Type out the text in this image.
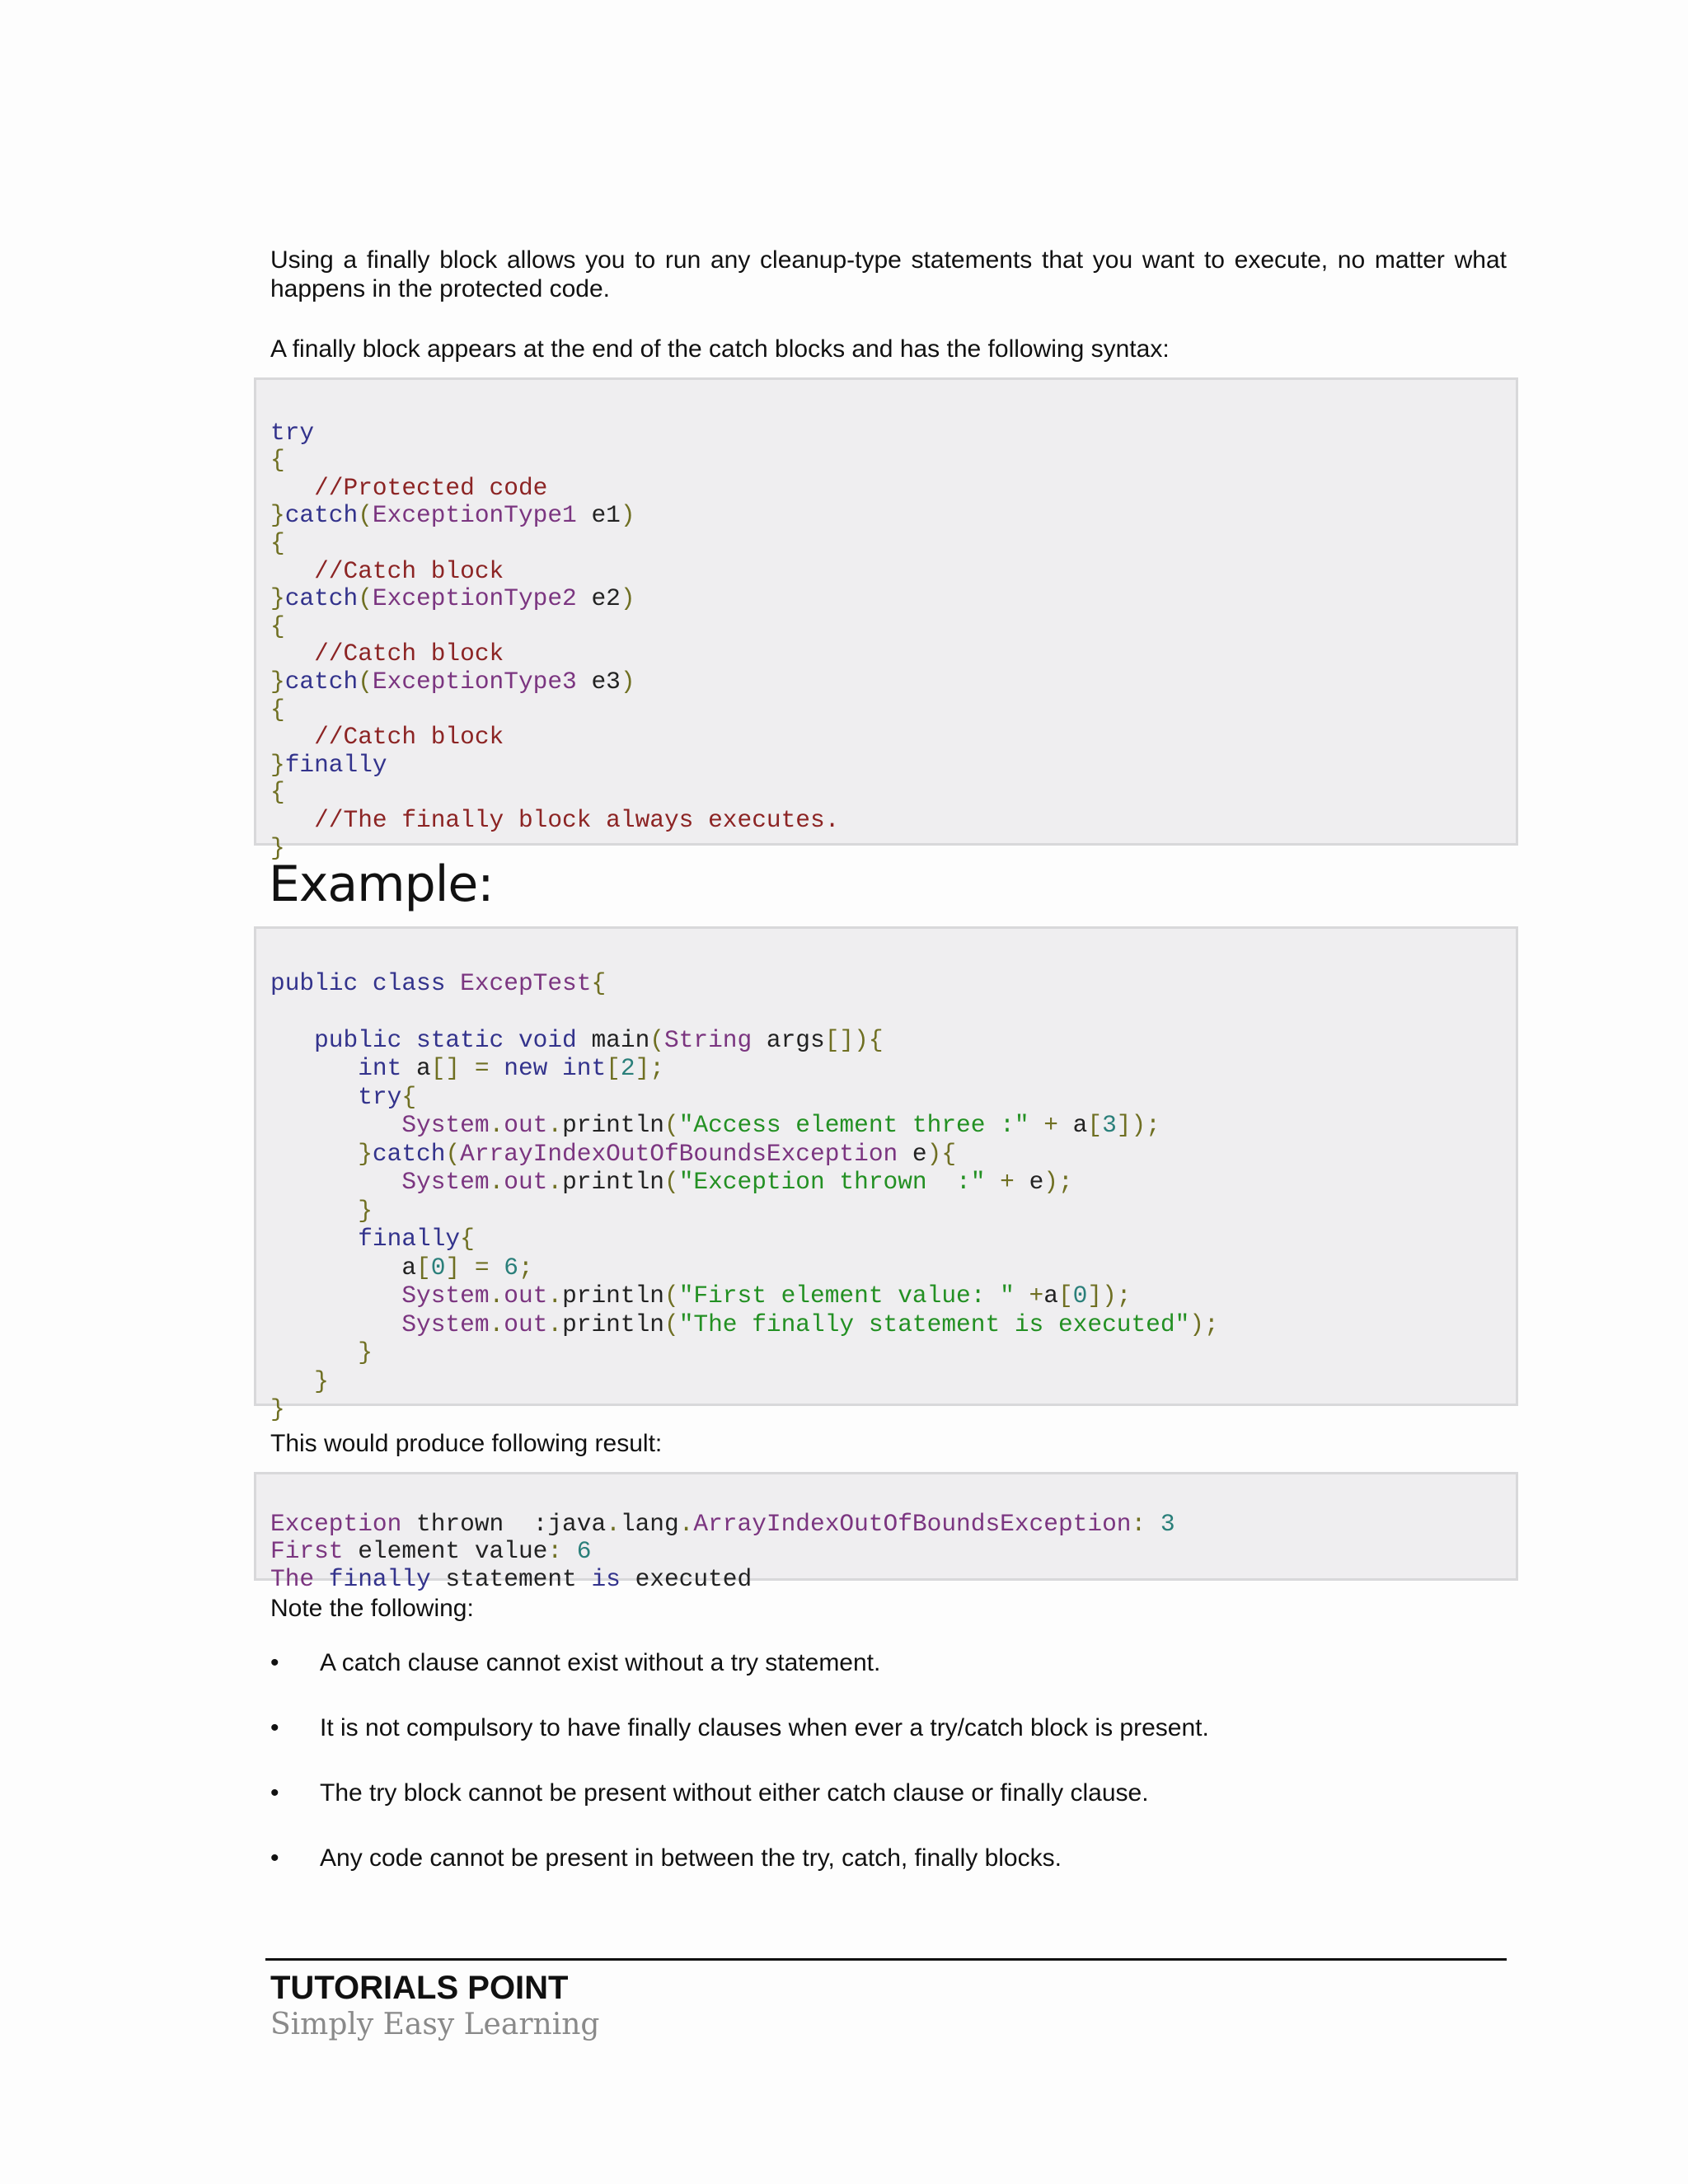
Using a finally block allows you to run any cleanup-type statements that you want to execute, no matter what happens in the protected code.

A finally block appears at the end of the catch blocks and has the following syntax:

try
{
//Protected code
}catch(ExceptionType1 e1)
{
//Catch block
}catch(ExceptionType2 e2)
{
//Catch block
}catch(ExceptionType3 e3)
{
//Catch block
}finally
{
//The finally block always executes.
}
Example:

public class ExcepTest{

public static void main(String args[]){
int a[] = new int[2];
try{
System.out.println("Access element three :" + a[3]);
}catch(ArrayIndexOutOfBoundsException e){
System.out.println("Exception thrown  :" + e);
}
finally{
a[0] = 6;
System.out.println("First element value: " +a[0]);
System.out.println("The finally statement is executed");
}
}
}

This would produce following result:

Exception thrown  :java.lang.ArrayIndexOutOfBoundsException: 3
First element value: 6
The finally statement is executed

Note the following:

• A catch clause cannot exist without a try statement.
• It is not compulsory to have finally clauses when ever a try/catch block is present.
• The try block cannot be present without either catch clause or finally clause.
• Any code cannot be present in between the try, catch, finally blocks.
TUTORIALS POINT
Simply Easy Learning
